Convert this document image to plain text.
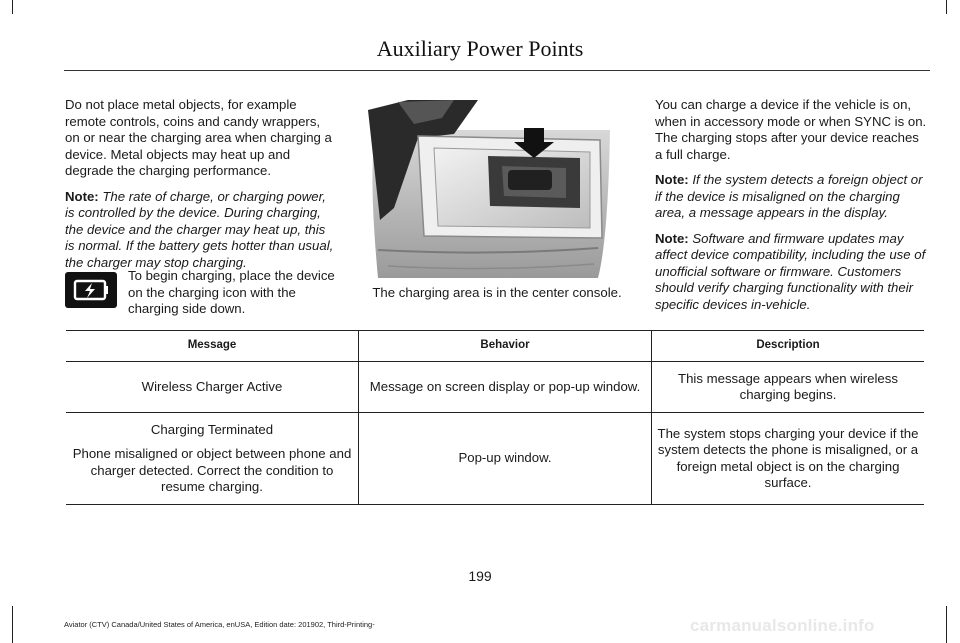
Auxiliary Power Points

Do not place metal objects, for example remote controls, coins and candy wrappers, on or near the charging area when charging a device. Metal objects may heat up and degrade the charging performance.

Note: The rate of charge, or charging power, is controlled by the device. During charging, the device and the charger may heat up, this is normal. If the battery gets hotter than usual, the charger may stop charging.

To begin charging, place the device on the charging icon with the charging side down.
The charging area is in the center console.

You can charge a device if the vehicle is on, when in accessory mode or when SYNC is on. The charging stops after your device reaches a full charge.

Note: If the system detects a foreign object or if the device is misaligned on the charging area, a message appears in the display.

Note: Software and firmware updates may affect device compatibility, including the use of unofficial software or firmware. Customers should verify charging functionality with their specific devices in-vehicle.

Message	Behavior	Description

Wireless Charger Active	Message on screen display or pop-up window.	This message appears when wireless charging begins.

Charging Terminated

Phone misaligned or object between phone and charger detected. Correct the condition to resume charging.	Pop-up window.	The system stops charging your device if the system detects the phone is misaligned, or a foreign metal object is on the charging surface.
199
Aviator (CTV) Canada/United States of America, enUSA, Edition date: 201902, Third-Printing-	carmanualsonline.info
